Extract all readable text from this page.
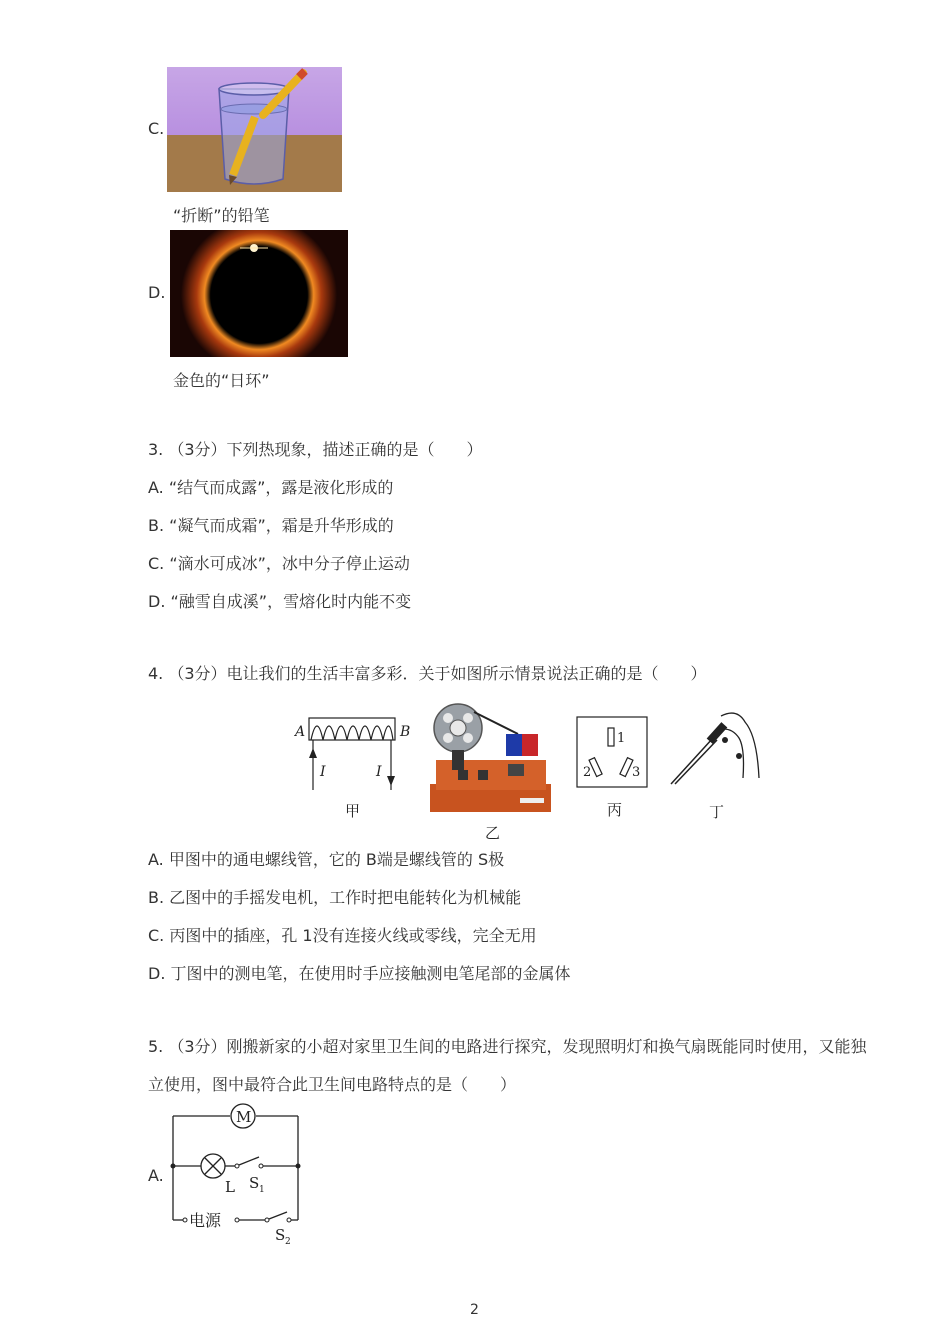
C.
“折断”的铅笔
D.
金色的“日环”
3. （3分）下列热现象，描述正确的是（　　）
A. “结气而成露”，露是液化形成的
B. “凝气而成霜”，霜是升华形成的
C. “滴水可成冰”，冰中分子停止运动
D. “融雪自成溪”，雪熔化时内能不变
4. （3分）电让我们的生活丰富多彩．关于如图所示情景说法正确的是（　　）
A	B
I	I
甲
乙
1
2	3
丙	丁
A. 甲图中的通电螺线管，它的 B端是螺线管的 S极
B. 乙图中的手摇发电机，工作时把电能转化为机械能
C. 丙图中的插座，孔 1没有连接火线或零线，完全无用
D. 丁图中的测电笔，在使用时手应接触测电笔尾部的金属体
5. （3分）刚搬新家的小超对家里卫生间的电路进行探究，发现照明灯和换气扇既能同时使用，又能独
立使用，图中最符合此卫生间电路特点的是（　　）
A.
M
L S 1
电源
S 2
2
